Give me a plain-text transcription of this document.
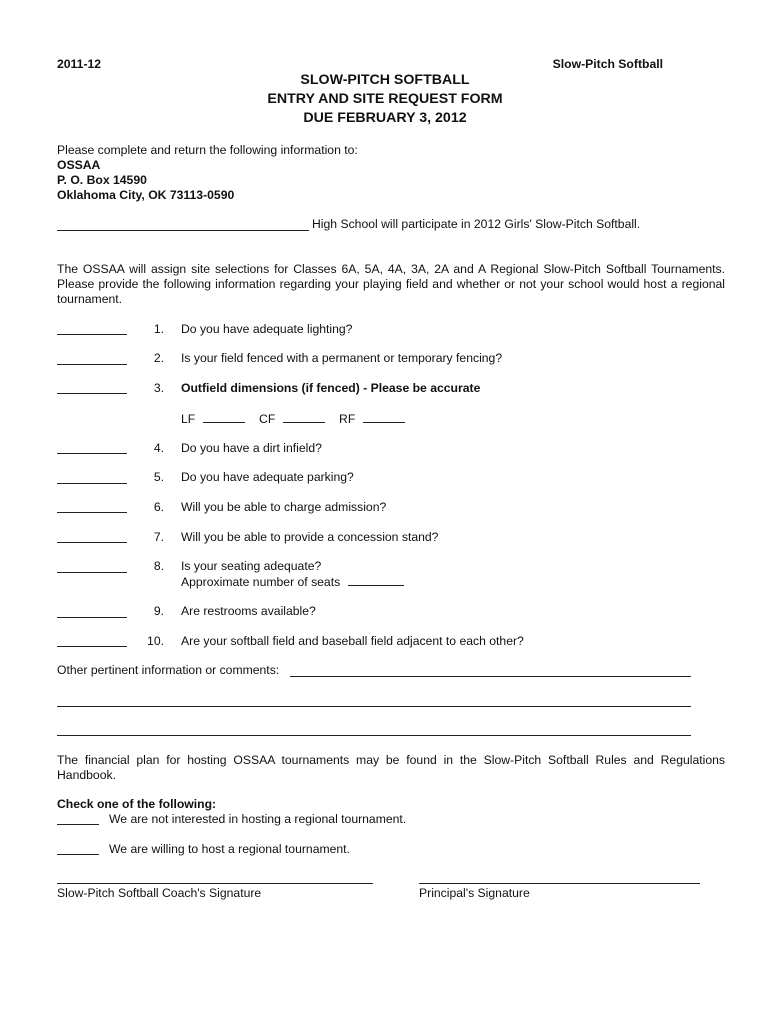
2011-12	Slow-Pitch Softball
SLOW-PITCH SOFTBALL
ENTRY AND SITE REQUEST FORM
DUE FEBRUARY 3, 2012
Please complete and return the following information to:
OSSAA
P. O. Box 14590
Oklahoma City, OK 73113-0590
High School will participate in 2012 Girls' Slow-Pitch Softball.
The OSSAA will assign site selections for Classes 6A, 5A, 4A, 3A, 2A and A Regional Slow-Pitch Softball Tournaments. Please provide the following information regarding your playing field and whether or not your school would host a regional tournament.
1. Do you have adequate lighting?
2. Is your field fenced with a permanent or temporary fencing?
3. Outfield dimensions (if fenced) - Please be accurate
LF	CF	RF
4. Do you have a dirt infield?
5. Do you have adequate parking?
6. Will you be able to charge admission?
7. Will you be able to provide a concession stand?
8. Is your seating adequate?
Approximate number of seats
9. Are restrooms available?
10. Are your softball field and baseball field adjacent to each other?
Other pertinent information or comments:
The financial plan for hosting OSSAA tournaments may be found in the Slow-Pitch Softball Rules and Regulations Handbook.
Check one of the following:
We are not interested in hosting a regional tournament.
We are willing to host a regional tournament.
Slow-Pitch Softball Coach's Signature	Principal's Signature
